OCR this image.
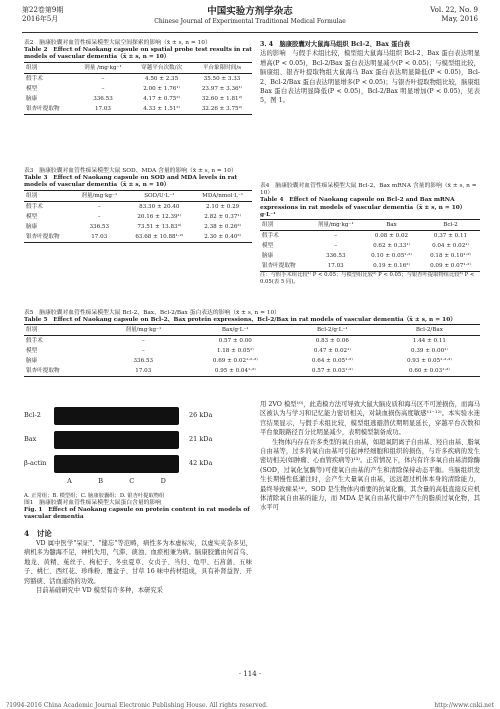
第22卷第9期
2016年5月
中国实验方剂学杂志
Chinese Journal of Experimental Traditional Medical Formulae
Vol. 22, No. 9
May, 2016

表2　脑康胶囊对血管性痴呆模型大鼠空间探索的影响（x̄ ± s, n = 10）

Table 2　Effect of Naokang capsule on spatial probe test results in rat models of vascular dementia（x̄ ± s, n = 10）

组别	剂量 /mg·kg⁻¹	穿越平台次数/次	平台象限时间/s
假手术	–	4.50 ± 2.35	35.50 ± 3.33
模型	–	2.00 ± 1.76¹⁾	23.97 ± 3.36¹⁾
脑康	336.53	4.17 ± 0.75²⁾	32.60 ± 1.81²⁾
银杏叶提取物	17.03	4.33 ± 1.51²⁾	32.26 ± 3.75²⁾

表3　脑康胶囊对血管性痴呆模型大鼠 SOD、MDA 含量的影响（x̄ ± s, n = 10）

Table 3　Effect of Naokang capsule on SOD and MDA levels in rat models of vascular dementia（x̄ ± s, n = 10）

组别	剂量/mg·kg⁻¹	SOD/U·L⁻¹	MDA/nmol·L⁻¹
假手术	–	83.30 ± 20.40	2.10 ± 0.29
模型	–	20.16 ± 12.39¹⁾	2.82 ± 0.37¹⁾
脑康	336.53	73.51 ± 13.83²⁾	2.38 ± 0.26²⁾
银杏叶提取物	17.03	63.68 ± 10.88¹·²⁾	2.30 ± 0.40²⁾

3. 4　脑康胶囊对大鼠海马组织 Bcl-2、Bax 蛋白表

达的影响　与假手术组比较，模型组大鼠海马组织 Bcl-2、Bax 蛋白表达明显增高(P < 0.05)，Bcl-2/Bax 蛋白表达明显减少(P < 0.05)；与模型组比较，脑康组、银杏叶提取物组大鼠海马 Bax 蛋白表达明显降低(P < 0.05)，Bcl-2、Bcl-2/Bax 蛋白表达明显增多(P < 0.05)；与银杏叶提取物组比较，脑康组 Bax 蛋白表达明显降低(P < 0.05)，Bcl-2/Bax 明显增加(P < 0.05)，见表 5，图 1。

表4　脑康胶囊对血管性痴呆模型大鼠 Bcl-2、Bax mRNA 含量的影响（x̄ ± s, n = 10）

Table 4　Effect of Naokang capsule on Bcl-2 and Bax mRNA expressions in rat models of vascular dementia（x̄ ± s, n = 10）g·L⁻¹

组别	剂量/mg·kg⁻¹	Bax	Bcl-2
假手术	–	0.08 ± 0.02	0.37 ± 0.11
模型	–	0.62 ± 0.33¹⁾	0.04 ± 0.02¹⁾
脑康	336.53	0.10 ± 0.05¹·²⁾	0.18 ± 0.10¹·²⁾
银杏叶提取物	17.03	0.19 ± 0.16²⁾	0.09 ± 0.07¹·²⁾
注：与假手术组比较¹⁾ P < 0.05；与模型组比较²⁾ P < 0.05；与银杏叶提取物组比较³⁾ P < 0.05(表 5 同)。

表5　脑康胶囊对血管性痴呆模型大鼠 Bcl-2、Bax、Bcl-2/Bax 蛋白表达的影响（x̄ ± s, n = 10）

Table 5　Effect of Naokang capsule on Bcl-2、Bax protein expressions、Bcl-2/Bax in rat models of vascular dementia（x̄ ± s, n = 10）

组别	剂量/mg·kg⁻¹	Bax/g·L⁻¹	Bcl-2/g·L⁻¹	Bcl-2/Bax
假手术	–	0.57 ± 0.00	0.83 ± 0.06	1.44 ± 0.11
模型	–	1.18 ± 0.05¹⁾	0.47 ± 0.02¹⁾	0.39 ± 0.00¹⁾
脑康	336.53	0.69 ± 0.02¹·²·³⁾	0.64 ± 0.05¹·²⁾	0.93 ± 0.05¹·²·³⁾
银杏叶提取物	17.03	0.95 ± 0.04¹·²⁾	0.57 ± 0.03¹·²⁾	0.60 ± 0.03¹·²⁾
Bcl-2	26 kDa
Bax	21 kDa
β-actin	42 kDa
A	B	C	D
A. 正常组；B. 模型组；C. 脑康胶囊组；D. 银杏叶提取物组
图1　脑康胶囊对血管性痴呆模型大鼠蛋白含量的影响
Fig. 1　Effect of Naokang capsule on protein content in rat models of vascular dementia

4　讨论

VD 属中医学"呆证"、"健忘"等范畴，病性多为本虚标实，以虚实夹杂多见，病机多为髓海不足，神机失用，气滞、痰浊、血瘀相兼为病。脑康胶囊由何首乌、地龙、黄精、菟丝子、枸杞子、冬虫夏草、女贞子、当归、龟甲、石菖蒲、五味子、桃仁、西红花、珍珠粉、覆盆子、甘草 16 味中药材组成，具有补肾益智、开窍豁痰、活血通络的功效。

目前基础研究中 VD 模型有许多种，本研究采

用 2VO 模型¹⁰⁾，此造模方法可导致大鼠大脑皮质和海马区不可逆损伤，而海马区被认为与学习和记忆能力密切相关，对缺血损伤高度敏感¹¹⁻¹²⁾。本实验水迷宫结果显示，与假手术组比较，模型组逃避潜伏期明显延长，穿越平台次数和平台象限路径百分比明显减少，表明模型制备成功。

生物体内存在许多类型的氧自由基，如超氧阴离子自由基、羟自由基、脂氧自由基等，过多的氧自由基可引起神经细胞和组织的损伤，与许多疾病的发生密切相关(如肿瘤、心血管疾病等)¹³⁾。正常情况下，体内有许多氧自由基清除酶(SOD，过氧化氢酶等)可使氧自由基的产生和清除保持动态平衡。当脑组织发生长期慢性低灌注时，会产生大量氧自由基，远远超过机体本身的清除能力，最终导致痴呆¹⁴⁾。SOD 是生物体内重要的抗氧化酶，其含量的高低直接反应机体清除氧自由基的能力，而 MDA 是氧自由基代谢中产生的脂质过氧化物，其水平可

· 114 ·
?1994-2016 China Academic Journal Electronic Publishing House. All rights reserved.	http://www.cnki.net
